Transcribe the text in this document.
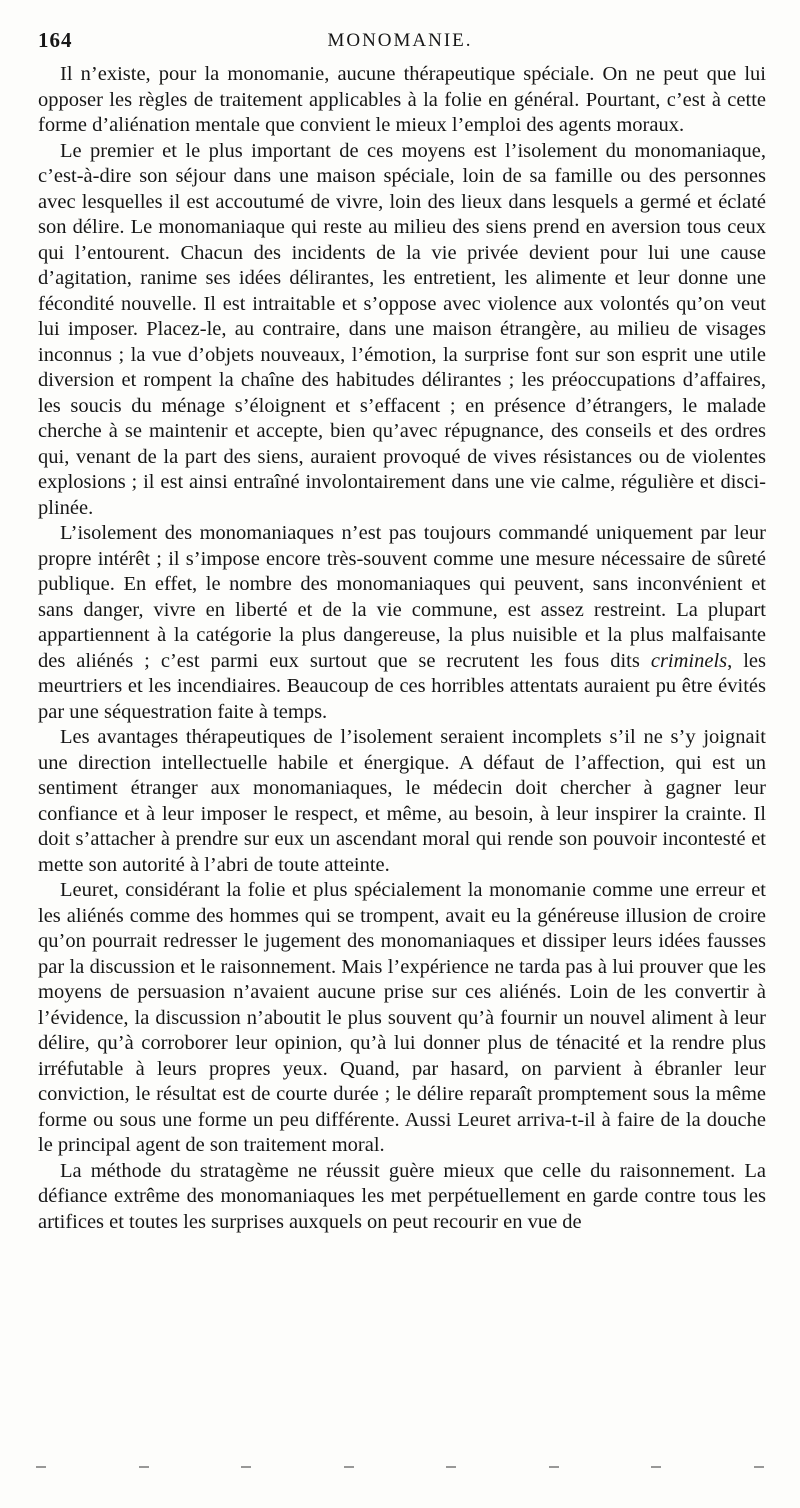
164	MONOMANIE.

Il n’existe, pour la monomanie, aucune thérapeutique spéciale. On ne peut que lui opposer les règles de traitement applicables à la folie en général. Pourtant, c’est à cette forme d’aliénation mentale que convient le mieux l’emploi des agents moraux.

Le premier et le plus important de ces moyens est l’isolement du monomaniaque, c’est-à-dire son séjour dans une maison spéciale, loin de sa famille ou des personnes avec lesquelles il est accoutumé de vivre, loin des lieux dans lesquels a germé et éclaté son délire. Le monomaniaque qui reste au milieu des siens prend en aversion tous ceux qui l’entourent. Chacun des incidents de la vie privée devient pour lui une cause d’agitation, ranime ses idées délirantes, les entretient, les alimente et leur donne une fécondité nouvelle. Il est intraitable et s’oppose avec violence aux volontés qu’on veut lui imposer. Placez-le, au contraire, dans une maison étrangère, au milieu de visages inconnus ; la vue d’objets nouveaux, l’émotion, la surprise font sur son esprit une utile diversion et rompent la chaîne des habitudes délirantes ; les préoccupations d’affaires, les soucis du ménage s’éloignent et s’effacent ; en présence d’étrangers, le malade cherche à se maintenir et accepte, bien qu’avec répugnance, des conseils et des ordres qui, venant de la part des siens, auraient provoqué de vives résistances ou de violentes explosions ; il est ainsi entraîné involontairement dans une vie calme, régulière et disciplinée.

L’isolement des monomaniaques n’est pas toujours commandé uniquement par leur propre intérêt ; il s’impose encore très-souvent comme une mesure nécessaire de sûreté publique. En effet, le nombre des monomaniaques qui peuvent, sans inconvénient et sans danger, vivre en liberté et de la vie commune, est assez restreint. La plupart appartiennent à la catégorie la plus dangereuse, la plus nuisible et la plus malfaisante des aliénés ; c’est parmi eux surtout que se recrutent les fous dits criminels, les meurtriers et les incendiaires. Beaucoup de ces horribles attentats auraient pu être évités par une séquestration faite à temps.

Les avantages thérapeutiques de l’isolement seraient incomplets s’il ne s’y joignait une direction intellectuelle habile et énergique. A défaut de l’affection, qui est un sentiment étranger aux monomaniaques, le médecin doit chercher à gagner leur confiance et à leur imposer le respect, et même, au besoin, à leur inspirer la crainte. Il doit s’attacher à prendre sur eux un ascendant moral qui rende son pouvoir incontesté et mette son autorité à l’abri de toute atteinte.

Leuret, considérant la folie et plus spécialement la monomanie comme une erreur et les aliénés comme des hommes qui se trompent, avait eu la généreuse illusion de croire qu’on pourrait redresser le jugement des monomaniaques et dissiper leurs idées fausses par la discussion et le raisonnement. Mais l’expérience ne tarda pas à lui prouver que les moyens de persuasion n’avaient aucune prise sur ces aliénés. Loin de les convertir à l’évidence, la discussion n’aboutit le plus souvent qu’à fournir un nouvel aliment à leur délire, qu’à corroborer leur opinion, qu’à lui donner plus de ténacité et la rendre plus irréfutable à leurs propres yeux. Quand, par hasard, on parvient à ébranler leur conviction, le résultat est de courte durée ; le délire reparaît promptement sous la même forme ou sous une forme un peu différente. Aussi Leuret arriva-t-il à faire de la douche le principal agent de son traitement moral.

La méthode du stratagème ne réussit guère mieux que celle du raisonnement. La défiance extrême des monomaniaques les met perpétuellement en garde contre tous les artifices et toutes les surprises auxquels on peut recourir en vue de
